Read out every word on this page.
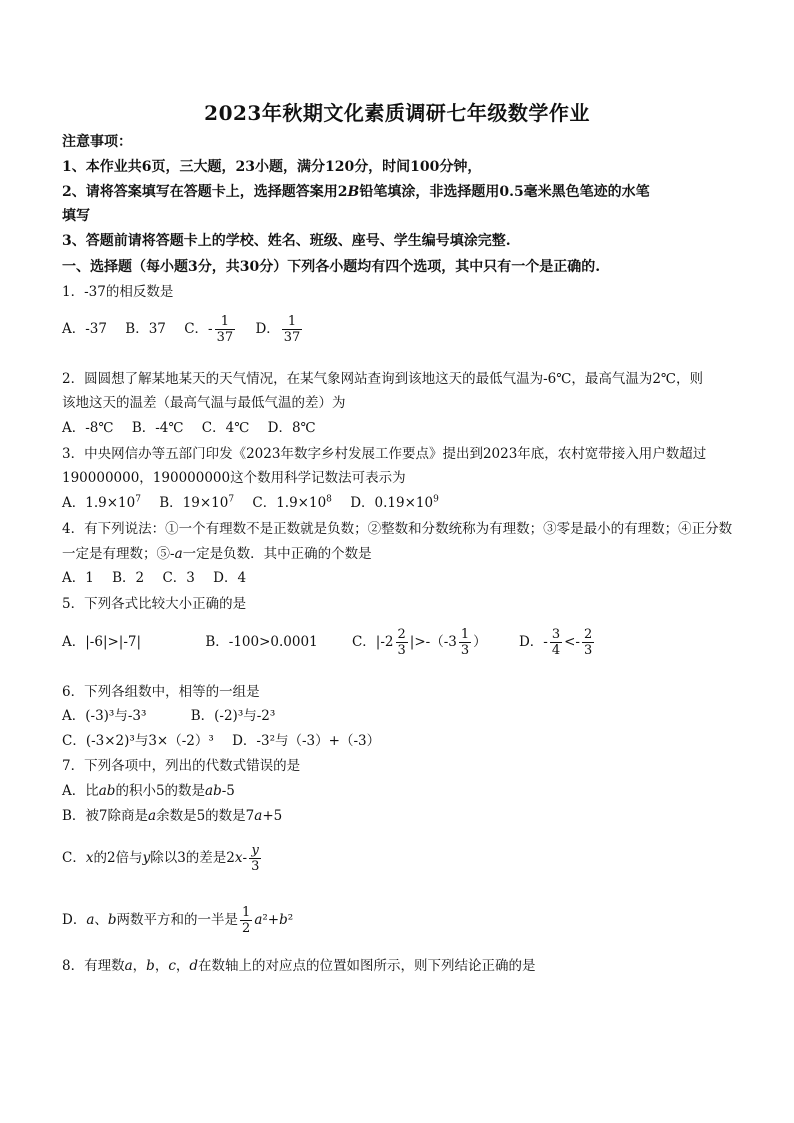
2023年秋期文化素质调研七年级数学作业
注意事项：
1、本作业共6页，三大题，23小题，满分120分，时间100分钟，
2、请将答案填写在答题卡上，选择题答案用2B铅笔填涂，非选择题用0.5毫米黑色笔迹的水笔
填写
3、答题前请将答题卡上的学校、姓名、班级、座号、学生编号填涂完整.
一、选择题（每小题3分，共30分）下列各小题均有四个选项，其中只有一个是正确的.
1．-37的相反数是
A．-37 B．37 C．- $\frac{1}{37}$ D． $\frac{1}{37}$
2．圆圆想了解某地某天的天气情况，在某气象网站查询到该地这天的最低气温为-6℃，最高气温为2℃，则
该地这天的温差（最高气温与最低气温的差）为
A．-8℃ B．-4℃ C．4℃ D．8℃
3．中央网信办等五部门印发《2023年数字乡村发展工作要点》提出到2023年底，农村宽带接入用户数超过
190000000，190000000这个数用科学记数法可表示为
A．$1.9\times 10^7$ B．$19\times 10^7$ C．$1.9\times 10^8$ D．$0.19\times 10^9$
4．有下列说法：①一个有理数不是正数就是负数；②整数和分数统称为有理数；③零是最小的有理数；④正分数
一定是有理数；⑤-a一定是负数．其中正确的个数是
A．1 B．2 C．3 D．4
5．下列各式比较大小正确的是
A．|-6|>|-7|	B．-100>0.0001	C．$|-2 \frac{2}{3} |>-(-3 \frac{1}{3}$ ） D．- $\frac{3}{4} <- \frac{2}{3}$
6．下列各组数中，相等的一组是
A．(-3)³与-3³	B．(-2)³与-2³
C．(-3×2)³与3×（-2）³ D．-3²与（-3）+（-3）
7．下列各项中，列出的代数式错误的是
A．比ab的积小5的数是ab-5
B．被7除商是a余数是5的数是7a+5
C．x的2倍与y除以3的差是$2x- \frac{y}{3}$
D．a、b两数平方和的一半是 $\frac{1}{2} a^2+b^2$
8．有理数a，b，c，d在数轴上的对应点的位置如图所示，则下列结论正确的是
